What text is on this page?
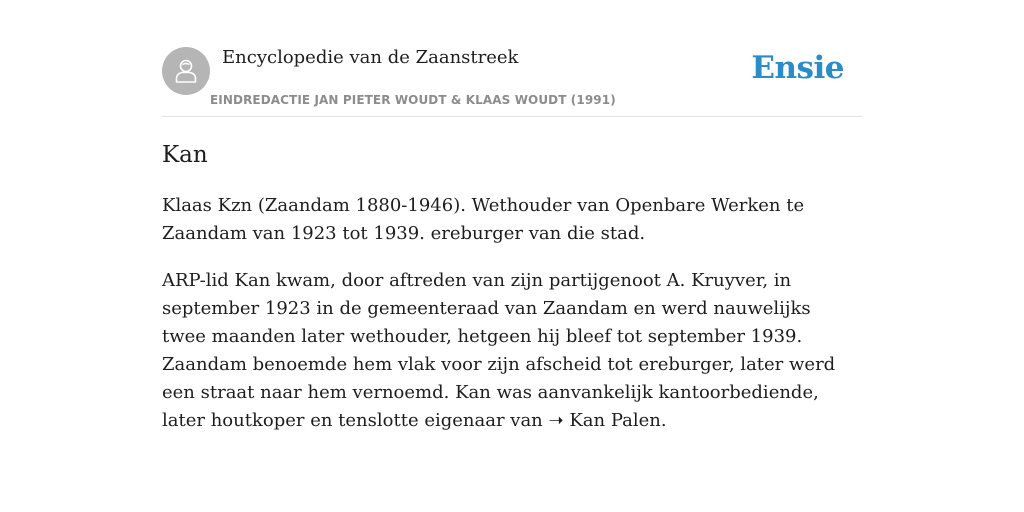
Encyclopedie van de Zaanstreek
EINDREDACTIE JAN PIETER WOUDT & KLAAS WOUDT (1991)
Ensie
Kan

Klaas Kzn (Zaandam 1880-1946). Wethouder van Openbare Werken te Zaandam van 1923 tot 1939. ereburger van die stad.

ARP-lid Kan kwam, door aftreden van zijn partijgenoot A. Kruyver, in september 1923 in de gemeenteraad van Zaandam en werd nauwelijks twee maanden later wethouder, hetgeen hij bleef tot september 1939. Zaandam benoemde hem vlak voor zijn afscheid tot ereburger, later werd een straat naar hem vernoemd. Kan was aanvankelijk kantoorbediende, later houtkoper en tenslotte eigenaar van ➝ Kan Palen.
